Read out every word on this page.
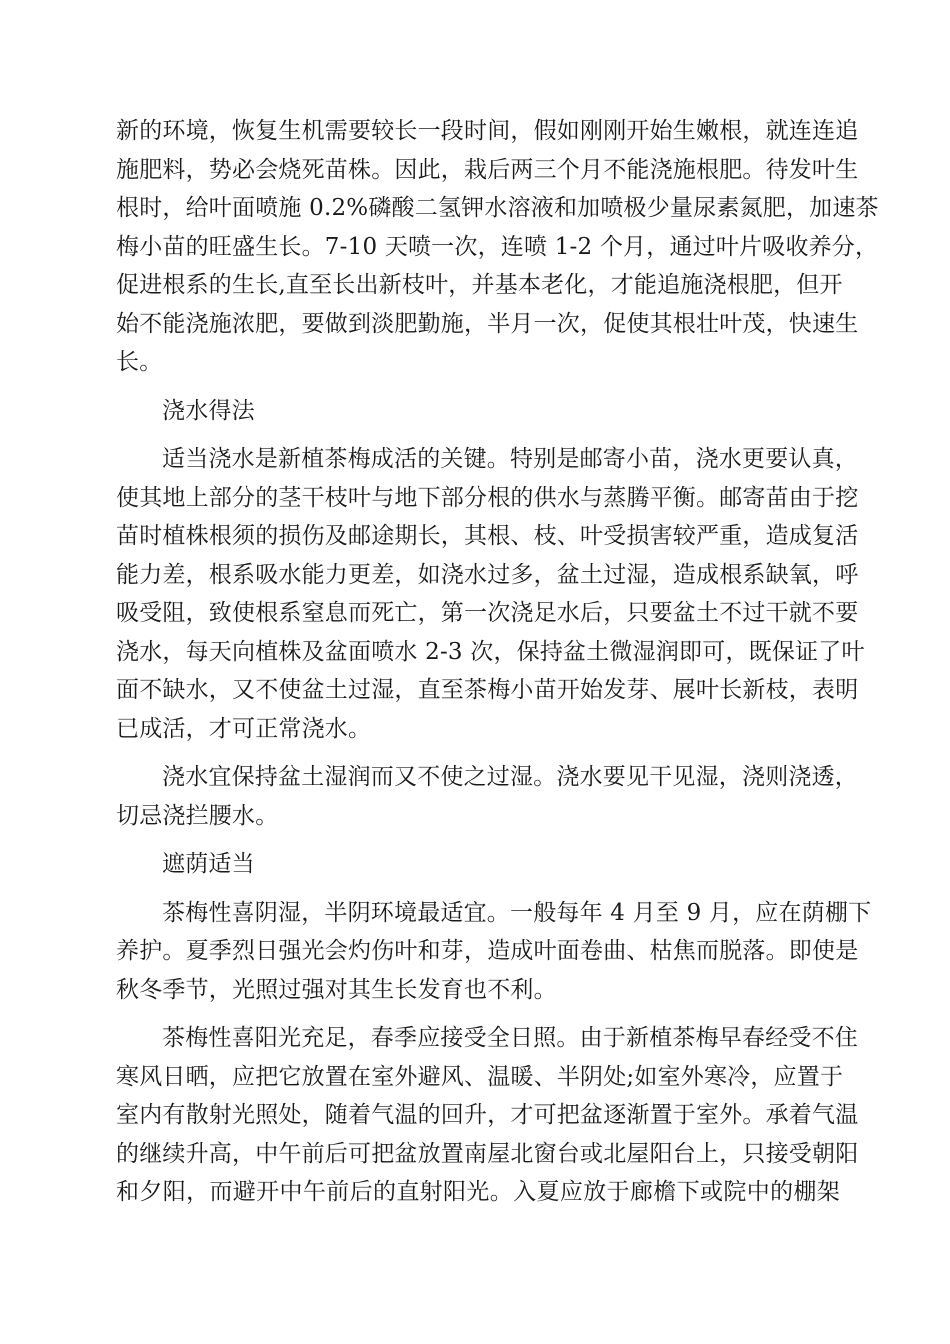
新的环境，恢复生机需要较长一段时间，假如刚刚开始生嫩根，就连连追
施肥料，势必会烧死苗株。因此，栽后两三个月不能浇施根肥。待发叶生
根时，给叶面喷施 0.2%磷酸二氢钾水溶液和加喷极少量尿素氮肥，加速茶
梅小苗的旺盛生长。7-10 天喷一次，连喷 1-2 个月，通过叶片吸收养分，
促进根系的生长,直至长出新枝叶，并基本老化，才能追施浇根肥，但开
始不能浇施浓肥，要做到淡肥勤施，半月一次，促使其根壮叶茂，快速生
长。
浇水得法
适当浇水是新植茶梅成活的关键。特别是邮寄小苗，浇水更要认真，
使其地上部分的茎干枝叶与地下部分根的供水与蒸腾平衡。邮寄苗由于挖
苗时植株根须的损伤及邮途期长，其根、枝、叶受损害较严重，造成复活
能力差，根系吸水能力更差，如浇水过多，盆土过湿，造成根系缺氧，呼
吸受阻，致使根系窒息而死亡，第一次浇足水后，只要盆土不过干就不要
浇水，每天向植株及盆面喷水 2-3 次，保持盆土微湿润即可，既保证了叶
面不缺水，又不使盆土过湿，直至茶梅小苗开始发芽、展叶长新枝，表明
已成活，才可正常浇水。
浇水宜保持盆土湿润而又不使之过湿。浇水要见干见湿，浇则浇透，
切忌浇拦腰水。
遮荫适当
茶梅性喜阴湿，半阴环境最适宜。一般每年 4 月至 9 月，应在荫棚下
养护。夏季烈日强光会灼伤叶和芽，造成叶面卷曲、枯焦而脱落。即使是
秋冬季节，光照过强对其生长发育也不利。
茶梅性喜阳光充足，春季应接受全日照。由于新植茶梅早春经受不住
寒风日晒，应把它放置在室外避风、温暖、半阴处;如室外寒冷，应置于
室内有散射光照处，随着气温的回升，才可把盆逐渐置于室外。承着气温
的继续升高，中午前后可把盆放置南屋北窗台或北屋阳台上，只接受朝阳
和夕阳，而避开中午前后的直射阳光。入夏应放于廊檐下或院中的棚架
